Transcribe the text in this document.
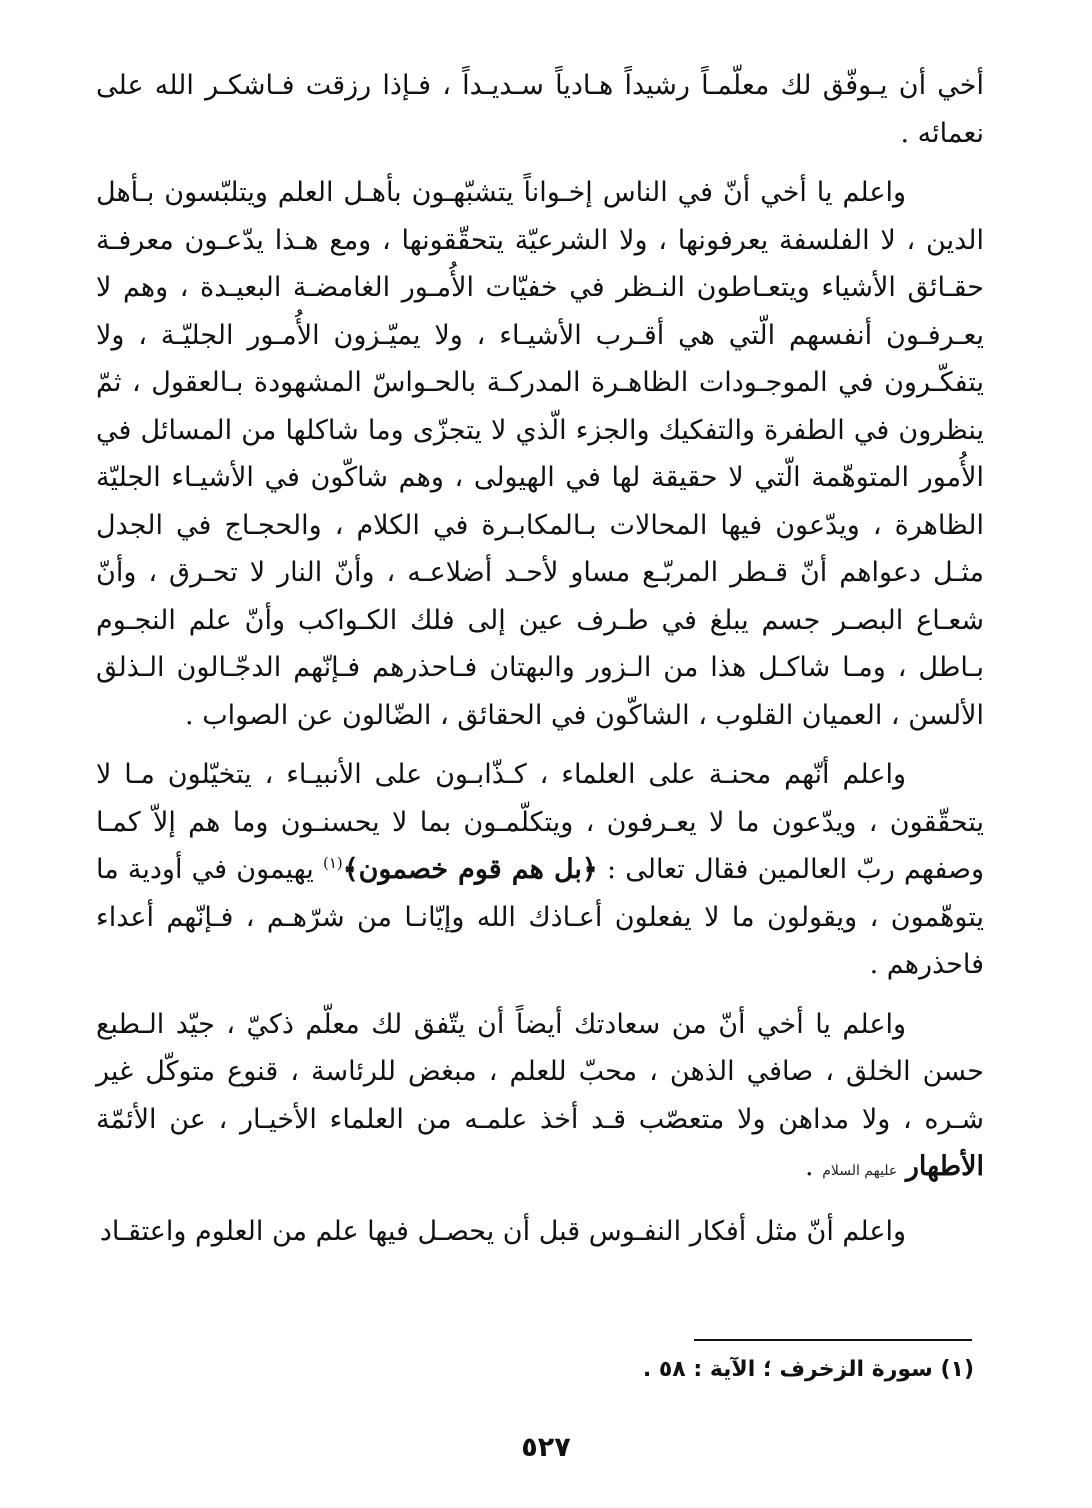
أخي أن يـوفّق لك معلّمـاً رشيداً هـادياً سـديـداً ، فـإذا رزقت فـاشكـر الله على نعمائه .

واعلم يا أخي أنّ في الناس إخـواناً يتشبّهـون بأهـل العلم ويتلبّسون بـأهل الدين ، لا الفلسفة يعرفونها ، ولا الشرعيّة يتحقّقونها ، ومع هـذا يدّعـون معرفـة حقـائق الأشياء ويتعـاطون النـظر في خفيّات الأُمـور الغامضـة البعيـدة ، وهم لا يعـرفـون أنفسهم الّتي هي أقـرب الأشيـاء ، ولا يميّـزون الأُمـور الجليّـة ، ولا يتفكّـرون في الموجـودات الظاهـرة المدركـة بالحـواسّ المشهودة بـالعقول ، ثمّ ينظرون في الطفرة والتفكيك والجزء الّذي لا يتجزّى وما شاكلها من المسائل في الأُمور المتوهّمة الّتي لا حقيقة لها في الهيولى ، وهم شاكّون في الأشيـاء الجليّة الظاهرة ، ويدّعون فيها المحالات بـالمكابـرة في الكلام ، والحجـاج في الجدل مثـل دعواهم أنّ قـطر المربّـع مساو لأحـد أضلاعـه ، وأنّ النار لا تحـرق ، وأنّ شعـاع البصـر جسم يبلغ في طـرف عين إلى فلك الكـواكب وأنّ علم النجـوم بـاطل ، ومـا شاكـل هذا من الـزور والبهتان فـاحذرهم فـإنّهم الدجّـالون الـذلق الألسن ، العميان القلوب ، الشاكّون في الحقائق ، الضّالون عن الصواب .

واعلم أنّهم محنـة على العلماء ، كـذّابـون على الأنبيـاء ، يتخيّلون مـا لا يتحقّقون ، ويدّعون ما لا يعـرفون ، ويتكلّمـون بما لا يحسنـون وما هم إلاّ كمـا وصفهم ربّ العالمين فقال تعالى : ﴿بل هم قوم خصمون﴾$^{(١)}$ يهيمون في أودية ما يتوهّمون ، ويقولون ما لا يفعلون أعـاذك الله وإيّانـا من شرّهـم ، فـإنّهم أعداء فاحذرهم .

واعلم يا أخي أنّ من سعادتك أيضاً أن يتّفق لك معلّم ذكيّ ، جيّد الـطبع حسن الخلق ، صافي الذهن ، محبّ للعلم ، مبغض للرئاسة ، قنوع متوكّل غير شـره ، ولا مداهن ولا متعصّب قـد أخذ علمـه من العلماء الأخيـار ، عن الأئمّة الأطهار عليهم السلام .

واعلم أنّ مثل أفكار النفـوس قبل أن يحصـل فيها علم من العلوم واعتقـاد

(١) سورة الزخرف ؛ الآية : ٥٨ .
٥٢٧
